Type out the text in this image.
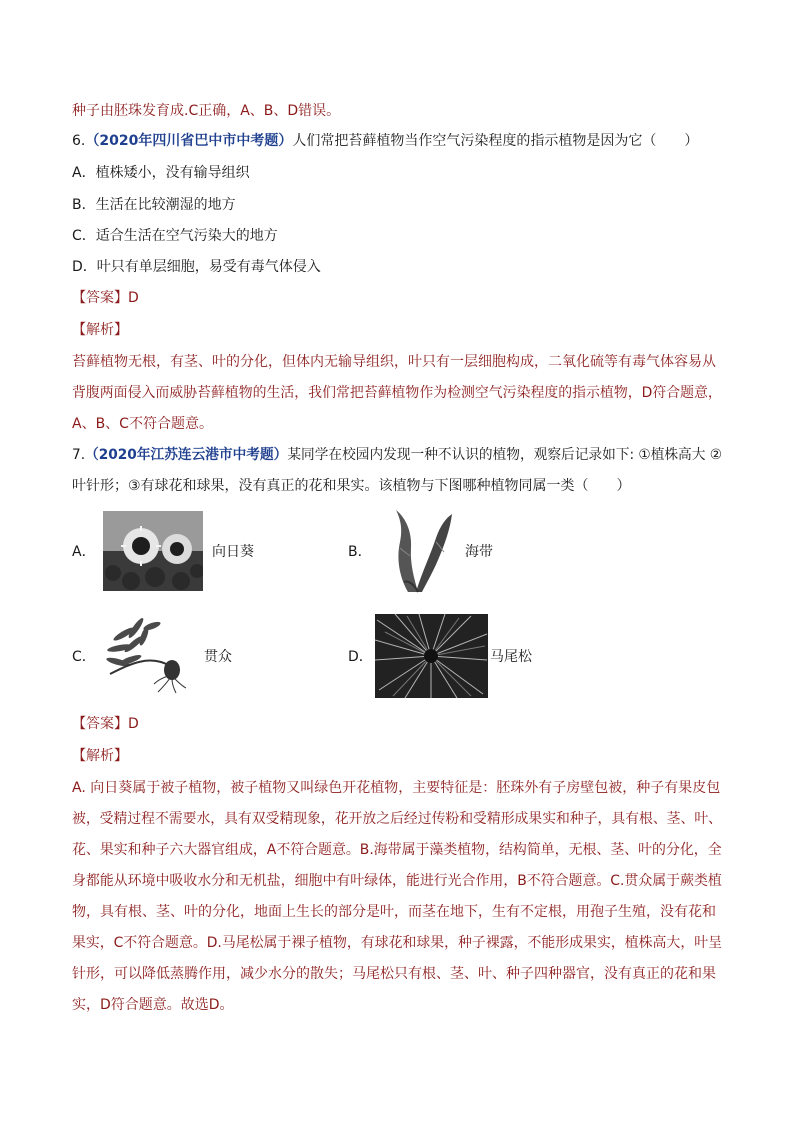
种子由胚珠发育成.C正确，A、B、D错误。
6.（2020年四川省巴中市中考题）人们常把苔藓植物当作空气污染程度的指示植物是因为它（　　）
A．植株矮小，没有输导组织
B．生活在比较潮湿的地方
C．适合生活在空气污染大的地方
D．叶只有单层细胞，易受有毒气体侵入
【答案】D
【解析】
苔藓植物无根，有茎、叶的分化，但体内无输导组织，叶只有一层细胞构成，二氧化硫等有毒气体容易从
背腹两面侵入而威胁苔藓植物的生活，我们常把苔藓植物作为检测空气污染程度的指示植物，D符合题意，
A、B、C不符合题意。
7.（2020年江苏连云港市中考题）某同学在校园内发现一种不认识的植物，观察后记录如下: ①植株高大 ②
叶针形；③有球花和球果，没有真正的花和果实。该植物与下图哪种植物同属一类（　　）
A．	向日葵	B．	海带
C．	贯众	D．	马尾松
【答案】D
【解析】
A. 向日葵属于被子植物，被子植物又叫绿色开花植物，主要特征是：胚珠外有子房壁包被，种子有果皮包
被，受精过程不需要水，具有双受精现象，花开放之后经过传粉和受精形成果实和种子，具有根、茎、叶、
花、果实和种子六大器官组成，A不符合题意。B.海带属于藻类植物，结构简单，无根、茎、叶的分化，全
身都能从环境中吸收水分和无机盐，细胞中有叶绿体，能进行光合作用，B不符合题意。C.贯众属于蕨类植
物，具有根、茎、叶的分化，地面上生长的部分是叶，而茎在地下，生有不定根，用孢子生殖，没有花和
果实，C不符合题意。D.马尾松属于裸子植物，有球花和球果，种子裸露，不能形成果实，植株高大，叶呈
针形，可以降低蒸腾作用，减少水分的散失；马尾松只有根、茎、叶、种子四种器官，没有真正的花和果
实，D符合题意。故选D。
